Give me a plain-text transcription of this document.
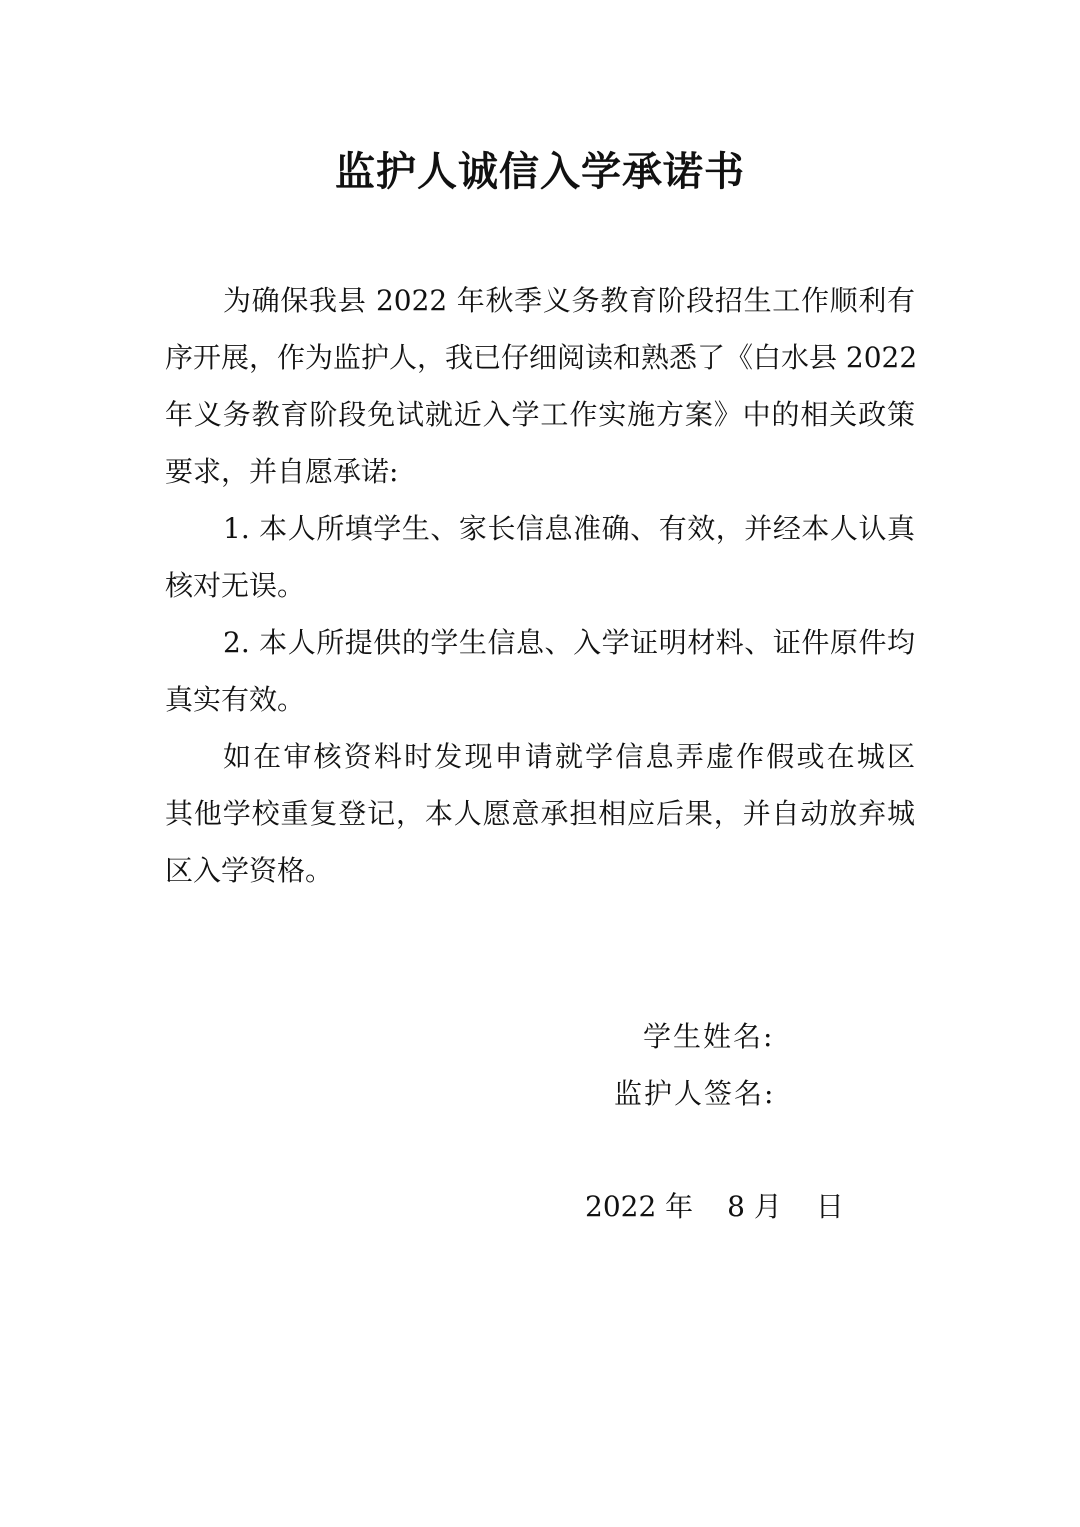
监护人诚信入学承诺书
为确保我县 2022 年秋季义务教育阶段招生工作顺利有
序开展，作为监护人，我已仔细阅读和熟悉了《白水县 2022
年义务教育阶段免试就近入学工作实施方案》中的相关政策
要求，并自愿承诺:
1. 本人所填学生、家长信息准确、有效，并经本人认真
核对无误。
2. 本人所提供的学生信息、入学证明材料、证件原件均
真实有效。
如在审核资料时发现申请就学信息弄虚作假或在城区
其他学校重复登记，本人愿意承担相应后果，并自动放弃城
区入学资格。
学生姓名:
监护人签名:
2022 年 8 月 日
